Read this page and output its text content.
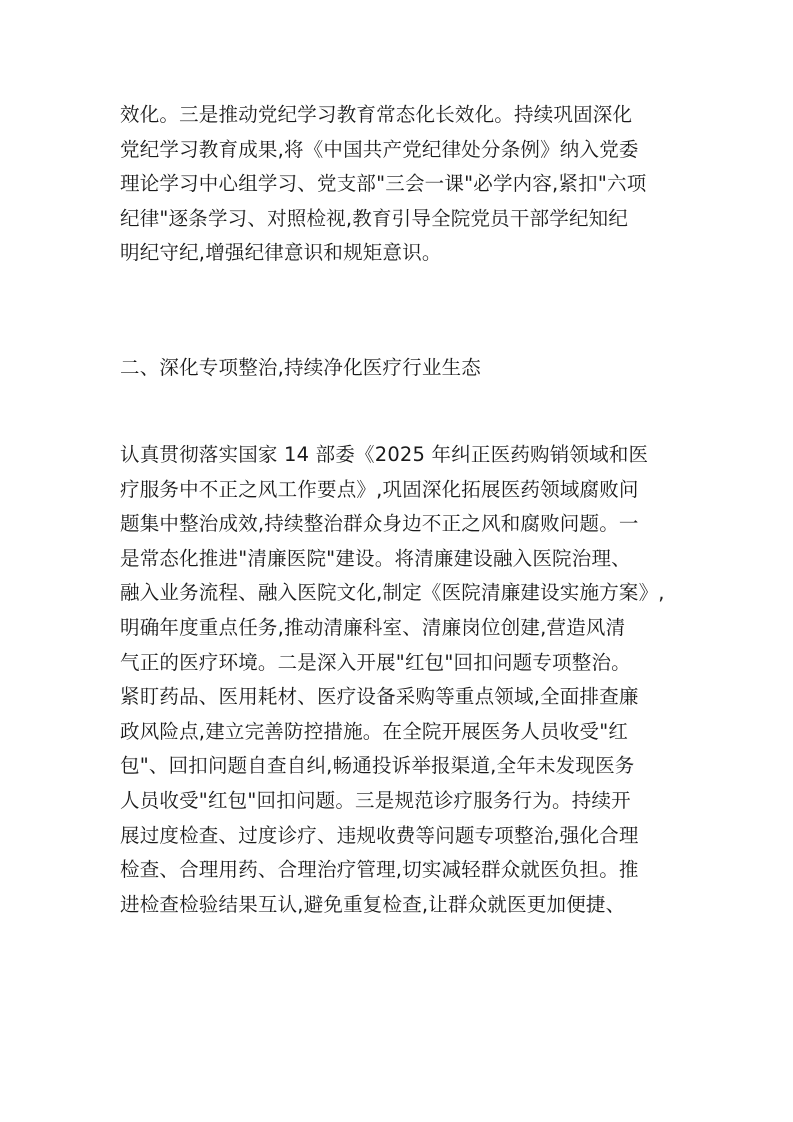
效化。三是推动党纪学习教育常态化长效化。持续巩固深化
党纪学习教育成果,将《中国共产党纪律处分条例》纳入党委
理论学习中心组学习、党支部"三会一课"必学内容,紧扣"六项
纪律"逐条学习、对照检视,教育引导全院党员干部学纪知纪
明纪守纪,增强纪律意识和规矩意识。
二、深化专项整治,持续净化医疗行业生态
认真贯彻落实国家 14 部委《2025 年纠正医药购销领域和医
疗服务中不正之风工作要点》,巩固深化拓展医药领域腐败问
题集中整治成效,持续整治群众身边不正之风和腐败问题。一
是常态化推进"清廉医院"建设。将清廉建设融入医院治理、
融入业务流程、融入医院文化,制定《医院清廉建设实施方案》,
明确年度重点任务,推动清廉科室、清廉岗位创建,营造风清
气正的医疗环境。二是深入开展"红包"回扣问题专项整治。
紧盯药品、医用耗材、医疗设备采购等重点领域,全面排查廉
政风险点,建立完善防控措施。在全院开展医务人员收受"红
包"、回扣问题自查自纠,畅通投诉举报渠道,全年未发现医务
人员收受"红包"回扣问题。三是规范诊疗服务行为。持续开
展过度检查、过度诊疗、违规收费等问题专项整治,强化合理
检查、合理用药、合理治疗管理,切实减轻群众就医负担。推
进检查检验结果互认,避免重复检查,让群众就医更加便捷、
